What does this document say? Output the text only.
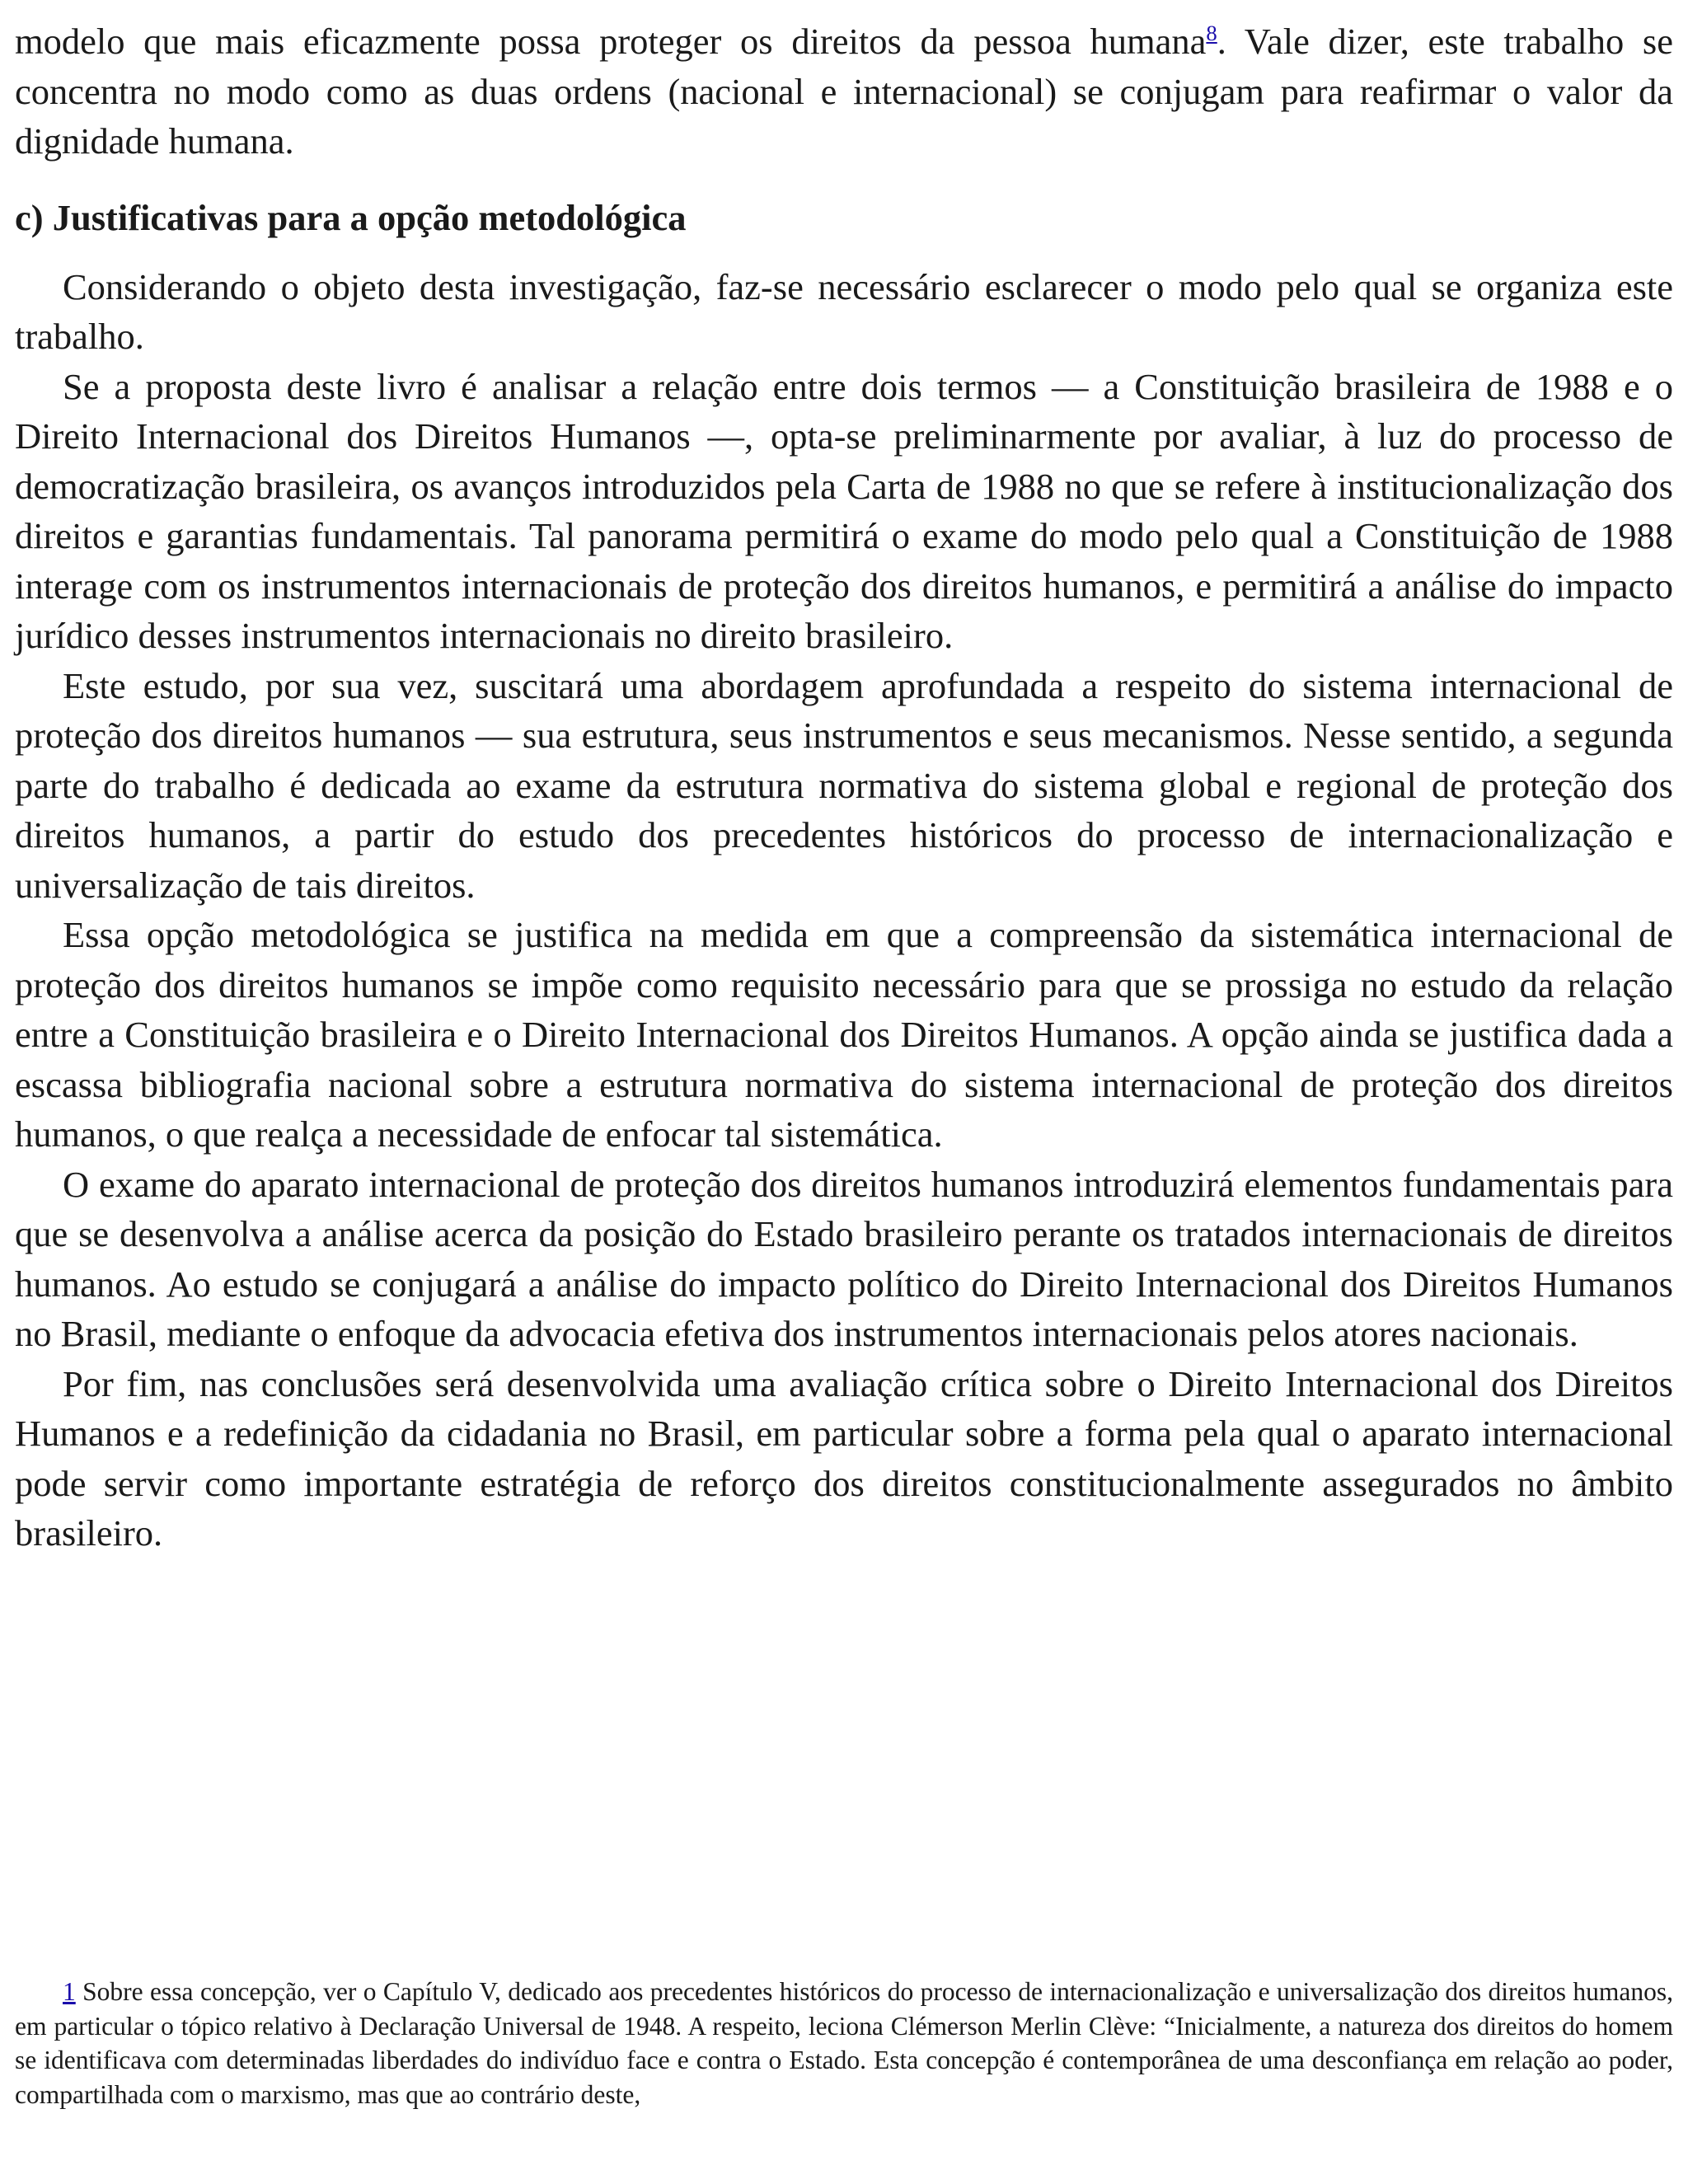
modelo que mais eficazmente possa proteger os direitos da pessoa humana$^8$. Vale dizer, este trabalho se concentra no modo como as duas ordens (nacional e internacional) se conjugam para reafirmar o valor da dignidade humana.

c) Justificativas para a opção metodológica

Considerando o objeto desta investigação, faz-se necessário esclarecer o modo pelo qual se organiza este trabalho.

Se a proposta deste livro é analisar a relação entre dois termos — a Constituição brasileira de 1988 e o Direito Internacional dos Direitos Humanos —, opta-se preliminarmente por avaliar, à luz do processo de democratização brasileira, os avanços introduzidos pela Carta de 1988 no que se refere à institucionalização dos direitos e garantias fundamentais. Tal panorama permitirá o exame do modo pelo qual a Constituição de 1988 interage com os instrumentos internacionais de proteção dos direitos humanos, e permitirá a análise do impacto jurídico desses instrumentos internacionais no direito brasileiro.

Este estudo, por sua vez, suscitará uma abordagem aprofundada a respeito do sistema internacional de proteção dos direitos humanos — sua estrutura, seus instrumentos e seus mecanismos. Nesse sentido, a segunda parte do trabalho é dedicada ao exame da estrutura normativa do sistema global e regional de proteção dos direitos humanos, a partir do estudo dos precedentes históricos do processo de internacionalização e universalização de tais direitos.

Essa opção metodológica se justifica na medida em que a compreensão da sistemática internacional de proteção dos direitos humanos se impõe como requisito necessário para que se prossiga no estudo da relação entre a Constituição brasileira e o Direito Internacional dos Direitos Humanos. A opção ainda se justifica dada a escassa bibliografia nacional sobre a estrutura normativa do sistema internacional de proteção dos direitos humanos, o que realça a necessidade de enfocar tal sistemática.

O exame do aparato internacional de proteção dos direitos humanos introduzirá elementos fundamentais para que se desenvolva a análise acerca da posição do Estado brasileiro perante os tratados internacionais de direitos humanos. Ao estudo se conjugará a análise do impacto político do Direito Internacional dos Direitos Humanos no Brasil, mediante o enfoque da advocacia efetiva dos instrumentos internacionais pelos atores nacionais.

Por fim, nas conclusões será desenvolvida uma avaliação crítica sobre o Direito Internacional dos Direitos Humanos e a redefinição da cidadania no Brasil, em particular sobre a forma pela qual o aparato internacional pode servir como importante estratégia de reforço dos direitos constitucionalmente assegurados no âmbito brasileiro.

1 Sobre essa concepção, ver o Capítulo V, dedicado aos precedentes históricos do processo de internacionalização e universalização dos direitos humanos, em particular o tópico relativo à Declaração Universal de 1948. A respeito, leciona Clémerson Merlin Clève: “Inicialmente, a natureza dos direitos do homem se identificava com determinadas liberdades do indivíduo face e contra o Estado. Esta concepção é contemporânea de uma desconfiança em relação ao poder, compartilhada com o marxismo, mas que ao contrário deste,
